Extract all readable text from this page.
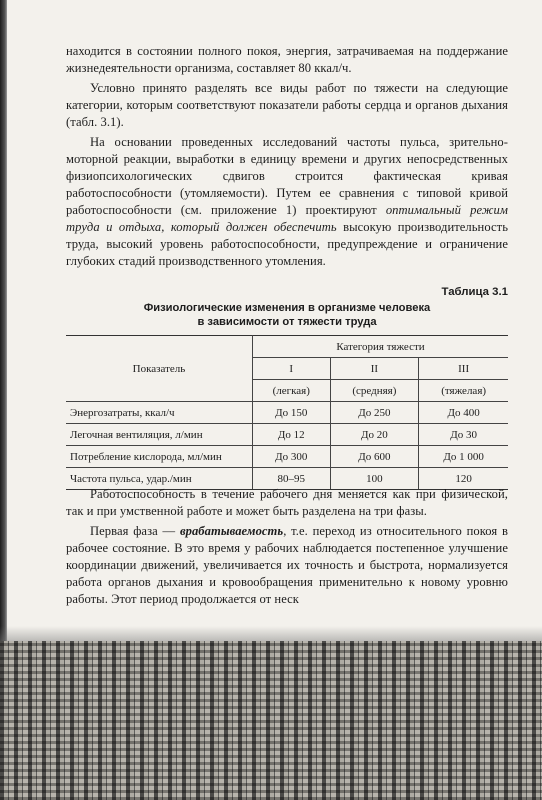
находится в состоянии полного покоя, энергия, затрачиваемая на поддержание жизнедеятельности организма, составляет 80 ккал/ч.

Условно принято разделять все виды работ по тяжести на следующие категории, которым соответствуют показатели работы сердца и органов дыхания (табл. 3.1).

На основании проведенных исследований частоты пульса, зрительно-моторной реакции, выработки в единицу времени и других непосредственных физиопсихологических сдвигов строится фактическая кривая работоспособности (утомляемости). Путем ее сравнения с типовой кривой работоспособности (см. приложение 1) проектируют оптимальный режим труда и отдыха, который должен обеспечить высокую производительность труда, высокий уровень работоспособности, предупреждение и ограничение глубоких стадий производственного утомления.

Таблица 3.1

Физиологические изменения в организме человека
в зависимости от тяжести труда

Показатель	Категория тяжести		
	I	II	III
	(легкая)	(средняя)	(тяжелая)
Энергозатраты, ккал/ч	До 150	До 250	До 400
Легочная вентиляция, л/мин	До 12	До 20	До 30
Потребление кислорода, мл/мин	До 300	До 600	До 1 000
Частота пульса, удар./мин	80–95	100	120

Работоспособность в течение рабочего дня меняется как при физической, так и при умственной работе и может быть разделена на три фазы.

Первая фаза — врабатываемость, т.е. переход из относительного покоя в рабочее состояние. В это время у рабочих наблюдается постепенное улучшение координации движений, увеличивается их точность и быстрота, нормализуется работа органов дыхания и кровообращения применительно к новому уровню работы. Этот период продолжается от неск
